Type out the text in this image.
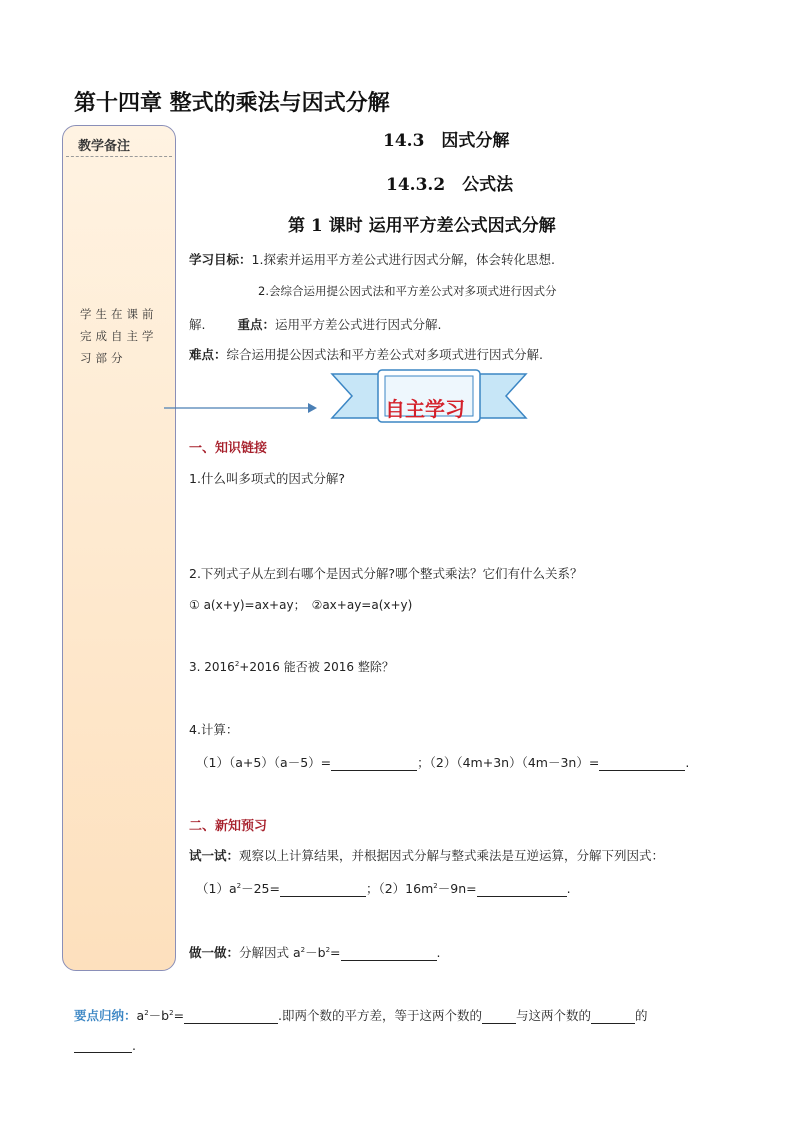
第十四章 整式的乘法与因式分解
教学备注
学生在课前完成自主学习部分
14.3　因式分解
14.3.2　公式法
第 1 课时 运用平方差公式因式分解
学习目标：1.探索并运用平方差公式进行因式分解，体会转化思想.
2.会综合运用提公因式法和平方差公式对多项式进行因式分
解.	重点：运用平方差公式进行因式分解.
难点：综合运用提公因式法和平方差公式对多项式进行因式分解.
自主学习
一、知识链接
1.什么叫多项式的因式分解?
2.下列式子从左到右哪个是因式分解?哪个整式乘法？它们有什么关系？
① a(x+y)=ax+ay；　②ax+ay=a(x+y)
3. $2016^2+2016$ 能否被 2016 整除？
4.计算：
（1）（a+5）（a－5）=	；（2）（4m+3n）（4m－3n）=	.
二、新知预习
试一试：观察以上计算结果，并根据因式分解与整式乘法是互逆运算，分解下列因式：
$(1)a^2-25=$	；$(2)16m^2-9n=$	.
做一做：分解因式 $a^2-b^2=$	.
要点归纳：$a^2-b^2=$	.即两个数的平方差，等于这两个数的	与这两个数的	的
.
